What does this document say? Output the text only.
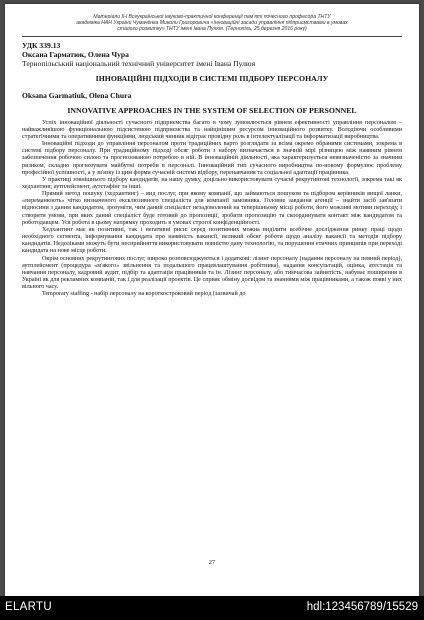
Матеріали ІІ-ї Всеукраїнської науково-практичної конференції пам'яті почесного професора ТНТУ
академіка НАН України Чумачёнка Миколи Григоровича «Інноваційні засади управління підприємствами в умовах
сталого розвитку» ТНТУ імені Івана Пулюя. (Тернопіль, 25 березня 2016 року)
УДК 339.13
Оксана Гарматюк, Олена Чура
Тернопільський національний технічний університет імені Івана Пулюя
ІННОВАЦІЙНІ ПІДХОДИ В СИСТЕМІ ПІДБОРУ ПЕРСОНАЛУ
Oksana Garmatiuk, Olena Chura
INNOVATIVE APPROACHES IN THE SYSTEM OF SELECTION OF PERSONNEL

Успіх інноваційної діяльності сучасного підприємства багато в чому зумовлюється рівнем ефективності управління персоналом – найважливішою функціональною підсистемою підприємства та найцінішим ресурсом інноваційного розвитку. Володіючи особливими стратегічними та оперативними функціями, людський чинник відіграє провідну роль в інтелектуалізації та інформатизації виробництва.

Інноваційні підходи до управління персоналом проти традиційних варто розглядати за всіма окремо обраними системами, зокрема в системі підбору персоналу. При традиційному підході обсяг роботи з набору визначається в значній мірі різницею між наявним рівнем забезпечення робочою силою та прогнозованою потребою в ній. В інноваційній діяльності, яка характеризується невизначеністю за значним ризиком, складно прогнозувати майбутні потреби в персоналі. Інноваційний тип сучасного виробництва по-новому формулює проблему професійної успішності, а у зв'язку із цим форми сучасній системі відбору, перенавчання та соціальної адаптації працівника.

У практиці зовнішнього підбору кандидатів, на нашу думку, доцільно використовувати сучасні рекрутингові технології, зокрема такі як хедхантинг, аутплейсмент, аутстафінг та інші.

Прямий метод пошуку (хедхантинг) – вид послуг, при якому компанії, що займаються пошуком та підбором керівників вищої ланки, «переманюють» чітко визначеного ексклюзивного спеціаліста для компанії замовника. Головне завдання агенції – знайти засіб зав'язати відносини з даним кандидатом, зрозуміти, чим даний спеціаліст незадоволений на теперішньому місці роботи, його можливі мотиви переходу, і створити умови, при яких даний спеціаліст буде готовий до пропозиції, зробити пропозицію та скоординувати контакт між кандидатом та роботодавцем. Уся робота в цьому напрямку проходить в умовах строгої конфіденційності.

Хедхантинг має як позитивні, так і негативні риси: серед позитивних можна виділити всебічне дослідження ринку праці щодо необхідного сегмента, інформування кандидата про наявність вакансії, великий обсяг роботи щодо аналізу вакансії та методів підбору кандидатів. Недоліками можуть бути несприйняття використовувати повністю дану технологію, та порушення етичних принципів при переході кандидата на нове місце роботи.

Окрім основних рекрутингових послуг, широко розповсюджуються і додаткові: лізинг персоналу (надання персоналу на певний період), аутплейсмент (процедура «м'якого» звільнення та подальшого працевлаштування робітника), надання консультацій, оцінка, атестація та навчання персоналу, кадровий аудит, підбір та адаптація працівників та ін. Лізинг персоналу, або тимчасова зайнятість, набуває поширення в Україні як для рекламних компаній, так і для реалізації проектів. Це сприяє обміну досвідом та знаннями між працівниками, а також появі у них вільного часу.

Temporary staffing - набір персоналу на короткостроковий період (зазвичай до

27
ELARTU	hdl:123456789/15529
